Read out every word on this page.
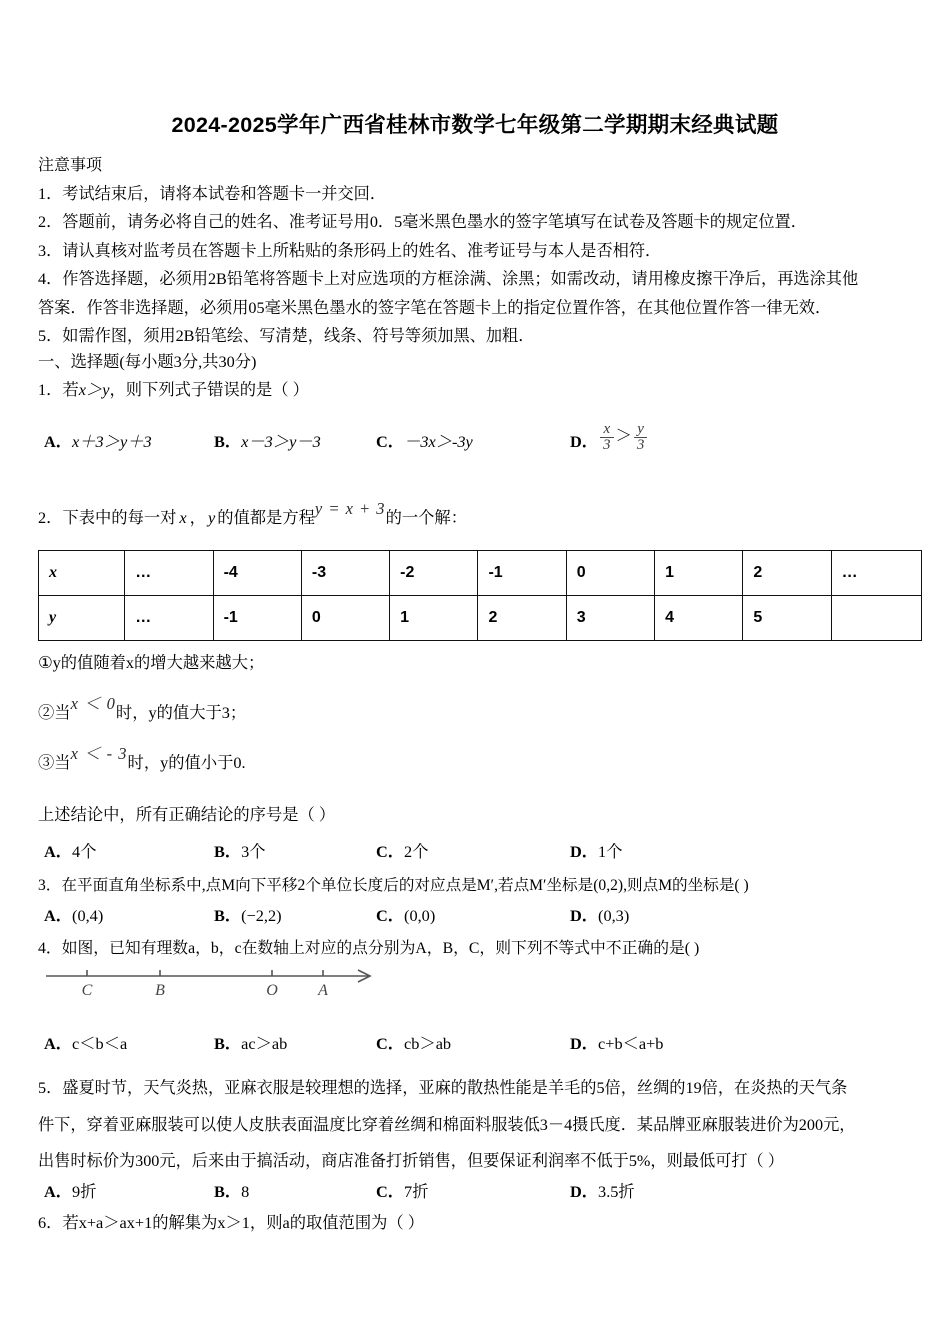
2024-2025学年广西省桂林市数学七年级第二学期期末经典试题
注意事项
1．考试结束后，请将本试卷和答题卡一并交回．
2．答题前，请务必将自己的姓名、准考证号用0．5毫米黑色墨水的签字笔填写在试卷及答题卡的规定位置．
3．请认真核对监考员在答题卡上所粘贴的条形码上的姓名、准考证号与本人是否相符．
4．作答选择题，必须用2B铅笔将答题卡上对应选项的方框涂满、涂黑；如需改动，请用橡皮擦干净后，再选涂其他
答案．作答非选择题，必须用05毫米黑色墨水的签字笔在答题卡上的指定位置作答，在其他位置作答一律无效．
5．如需作图，须用2B铅笔绘、写清楚，线条、符号等须加黑、加粗．
一、选择题(每小题3分,共30分)
1．若x＞y，则下列式子错误的是（ ）
A．x＋3＞y＋3	B．x－3＞y－3	C．－3x＞-3y	D． $\frac{x}{3} > \frac{y}{3}$
2．下表中的每一对 x ， y 的值都是方程y = x + 3的一个解：
x	…	-4	-3	-2	-1	0	1	2	…
y	…	-1	0	1	2	3	4	5	
①y的值随着x的增大越来越大；
②当x ＜ 0时，y的值大于3；
③当x ＜ - 3时，y的值小于0.
上述结论中，所有正确结论的序号是（ ）
A．4个	B．3个	C．2个	D．1个
3．在平面直角坐标系中,点M向下平移2个单位长度后的对应点是M′,若点M′坐标是(0,2),则点M的坐标是( )
A．(0,4)	B．(−2,2)	C．(0,0)	D．(0,3)
4．如图，已知有理数a，b，c在数轴上对应的点分别为A，B，C，则下列不等式中不正确的是( )
C	B	O	A
A．c＜b＜a	B．ac＞ab	C．cb＞ab	D．c+b＜a+b
5．盛夏时节，天气炎热，亚麻衣服是较理想的选择，亚麻的散热性能是羊毛的5倍，丝绸的19倍，在炎热的天气条
件下，穿着亚麻服装可以使人皮肤表面温度比穿着丝绸和棉面料服装低3－4摄氏度．某品牌亚麻服装进价为200元，
出售时标价为300元，后来由于搞活动，商店准备打折销售，但要保证利润率不低于5%，则最低可打（ ）
A．9折	B．8	C．7折	D．3.5折
6．若x+a＞ax+1的解集为x＞1，则a的取值范围为（ ）
